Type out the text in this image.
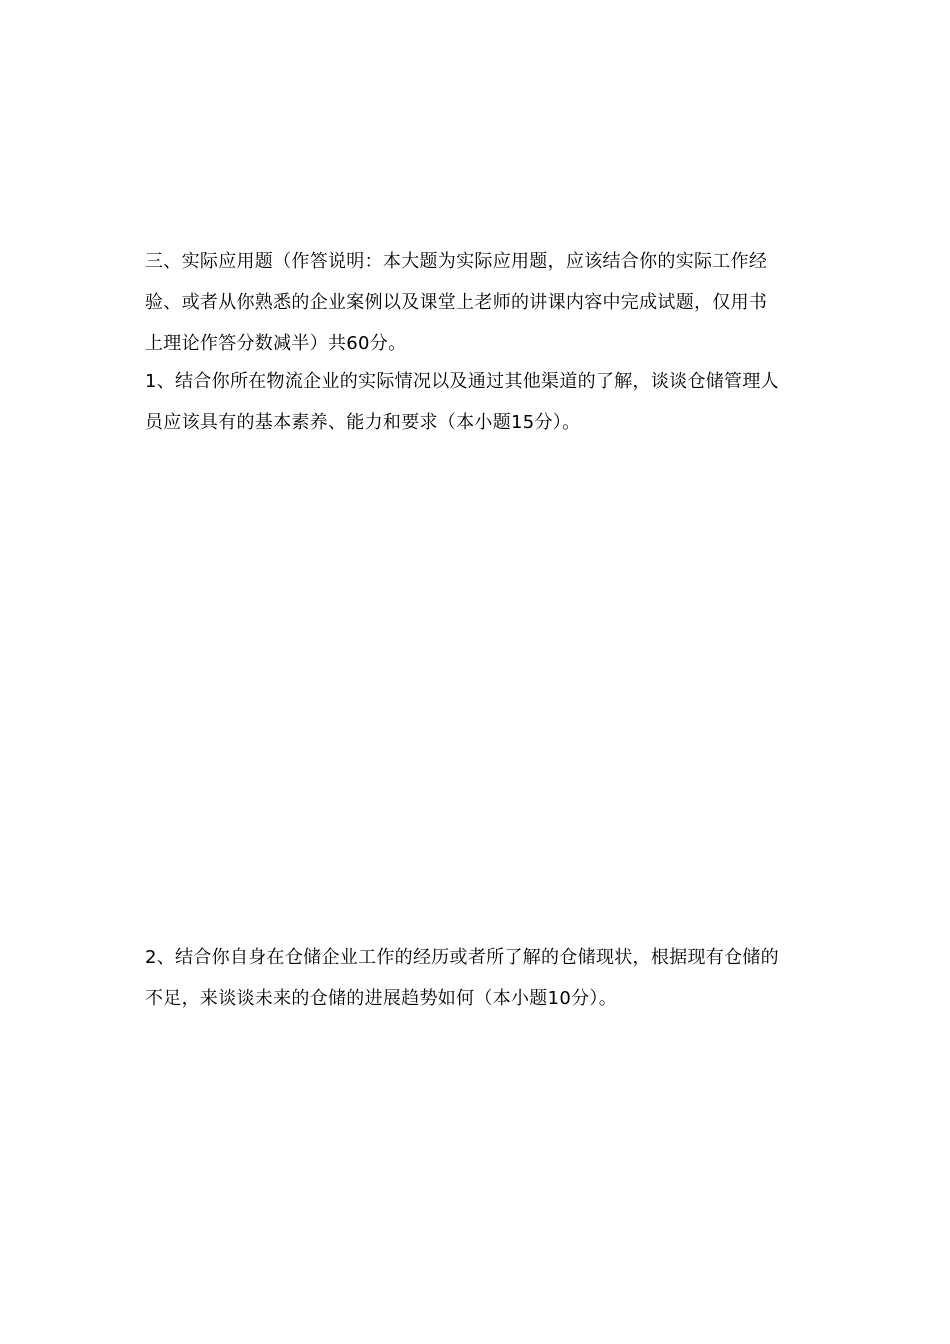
三、实际应用题（作答说明：本大题为实际应用题，应该结合你的实际工作经
验、或者从你熟悉的企业案例以及课堂上老师的讲课内容中完成试题，仅用书
上理论作答分数减半）共60分。
1、结合你所在物流企业的实际情况以及通过其他渠道的了解，谈谈仓储管理人
员应该具有的基本素养、能力和要求（本小题15分）。
2、结合你自身在仓储企业工作的经历或者所了解的仓储现状，根据现有仓储的
不足，来谈谈未来的仓储的进展趋势如何（本小题10分）。
